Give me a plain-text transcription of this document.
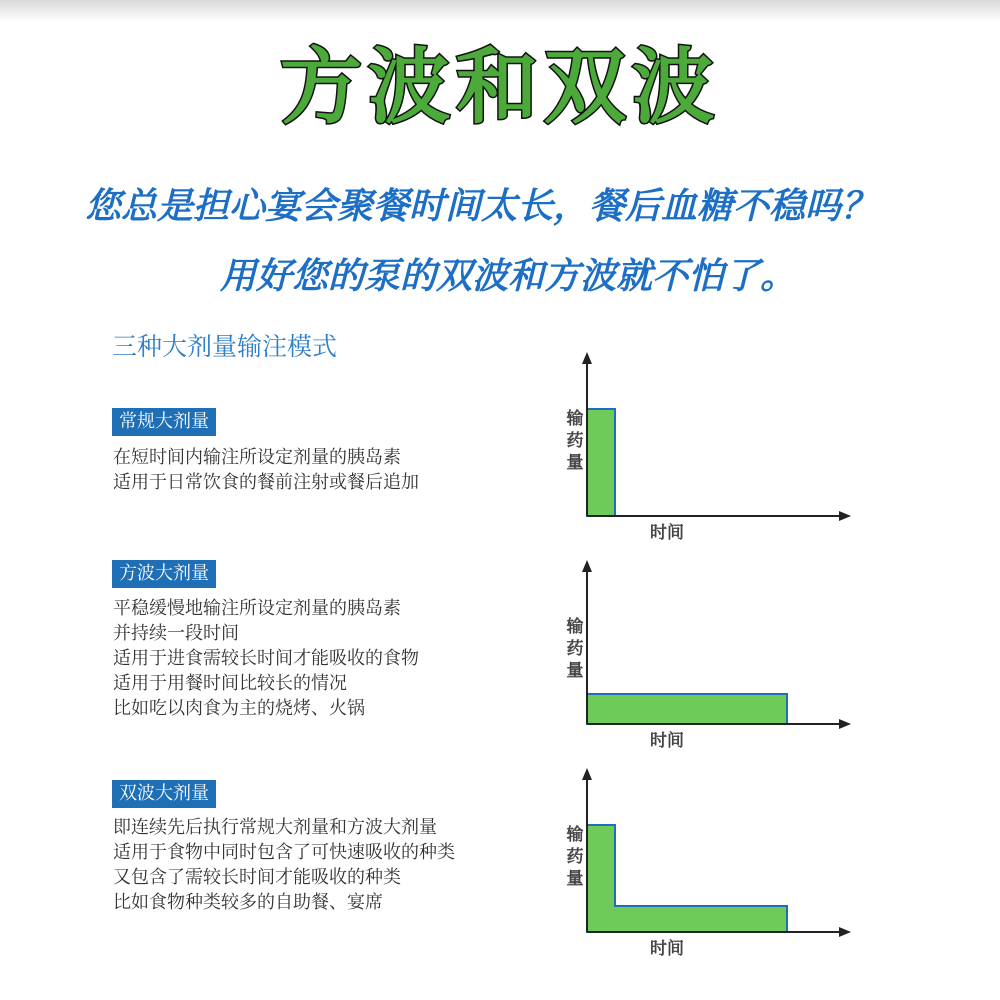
方波和双波
您总是担心宴会聚餐时间太长，餐后血糖不稳吗？
用好您的泵的双波和方波就不怕了。
三种大剂量输注模式
常规大剂量
在短时间内输注所设定剂量的胰岛素
适用于日常饮食的餐前注射或餐后追加
方波大剂量
平稳缓慢地输注所设定剂量的胰岛素
并持续一段时间
适用于进食需较长时间才能吸收的食物
适用于用餐时间比较长的情况
比如吃以肉食为主的烧烤、火锅
双波大剂量
即连续先后执行常规大剂量和方波大剂量
适用于食物中同时包含了可快速吸收的种类
又包含了需较长时间才能吸收的种类
比如食物种类较多的自助餐、宴席
输
药
量
时间
输
药
量
时间
输
药
量
时间
